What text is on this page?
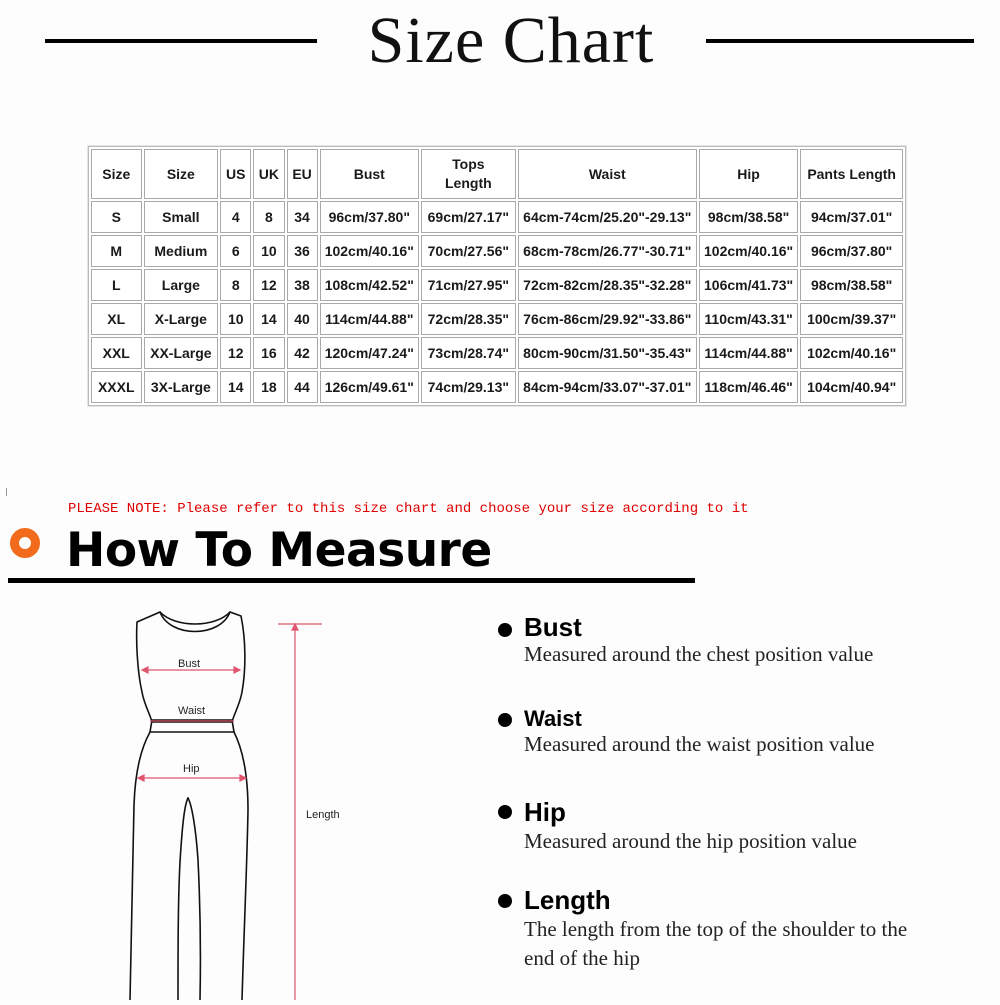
Size Chart
Size	Size	US	UK	EU	Bust	Tops Length	Waist	Hip	Pants Length
S	Small	4	8	34	96cm/37.80"	69cm/27.17"	64cm-74cm/25.20"-29.13"	98cm/38.58"	94cm/37.01"
M	Medium	6	10	36	102cm/40.16"	70cm/27.56"	68cm-78cm/26.77"-30.71"	102cm/40.16"	96cm/37.80"
L	Large	8	12	38	108cm/42.52"	71cm/27.95"	72cm-82cm/28.35"-32.28"	106cm/41.73"	98cm/38.58"
XL	X-Large	10	14	40	114cm/44.88"	72cm/28.35"	76cm-86cm/29.92"-33.86"	110cm/43.31"	100cm/39.37"
XXL	XX-Large	12	16	42	120cm/47.24"	73cm/28.74"	80cm-90cm/31.50"-35.43"	114cm/44.88"	102cm/40.16"
XXXL	3X-Large	14	18	44	126cm/49.61"	74cm/29.13"	84cm-94cm/33.07"-37.01"	118cm/46.46"	104cm/40.94"
PLEASE NOTE: Please refer to this size chart and choose your size according to it
How To Measure
Bust
Waist
Hip
Length
Bust
Measured around the chest position value
Waist
Measured around the waist position value
Hip
Measured around the hip position value
Length
The length from the top of the shoulder to the end of the hip
